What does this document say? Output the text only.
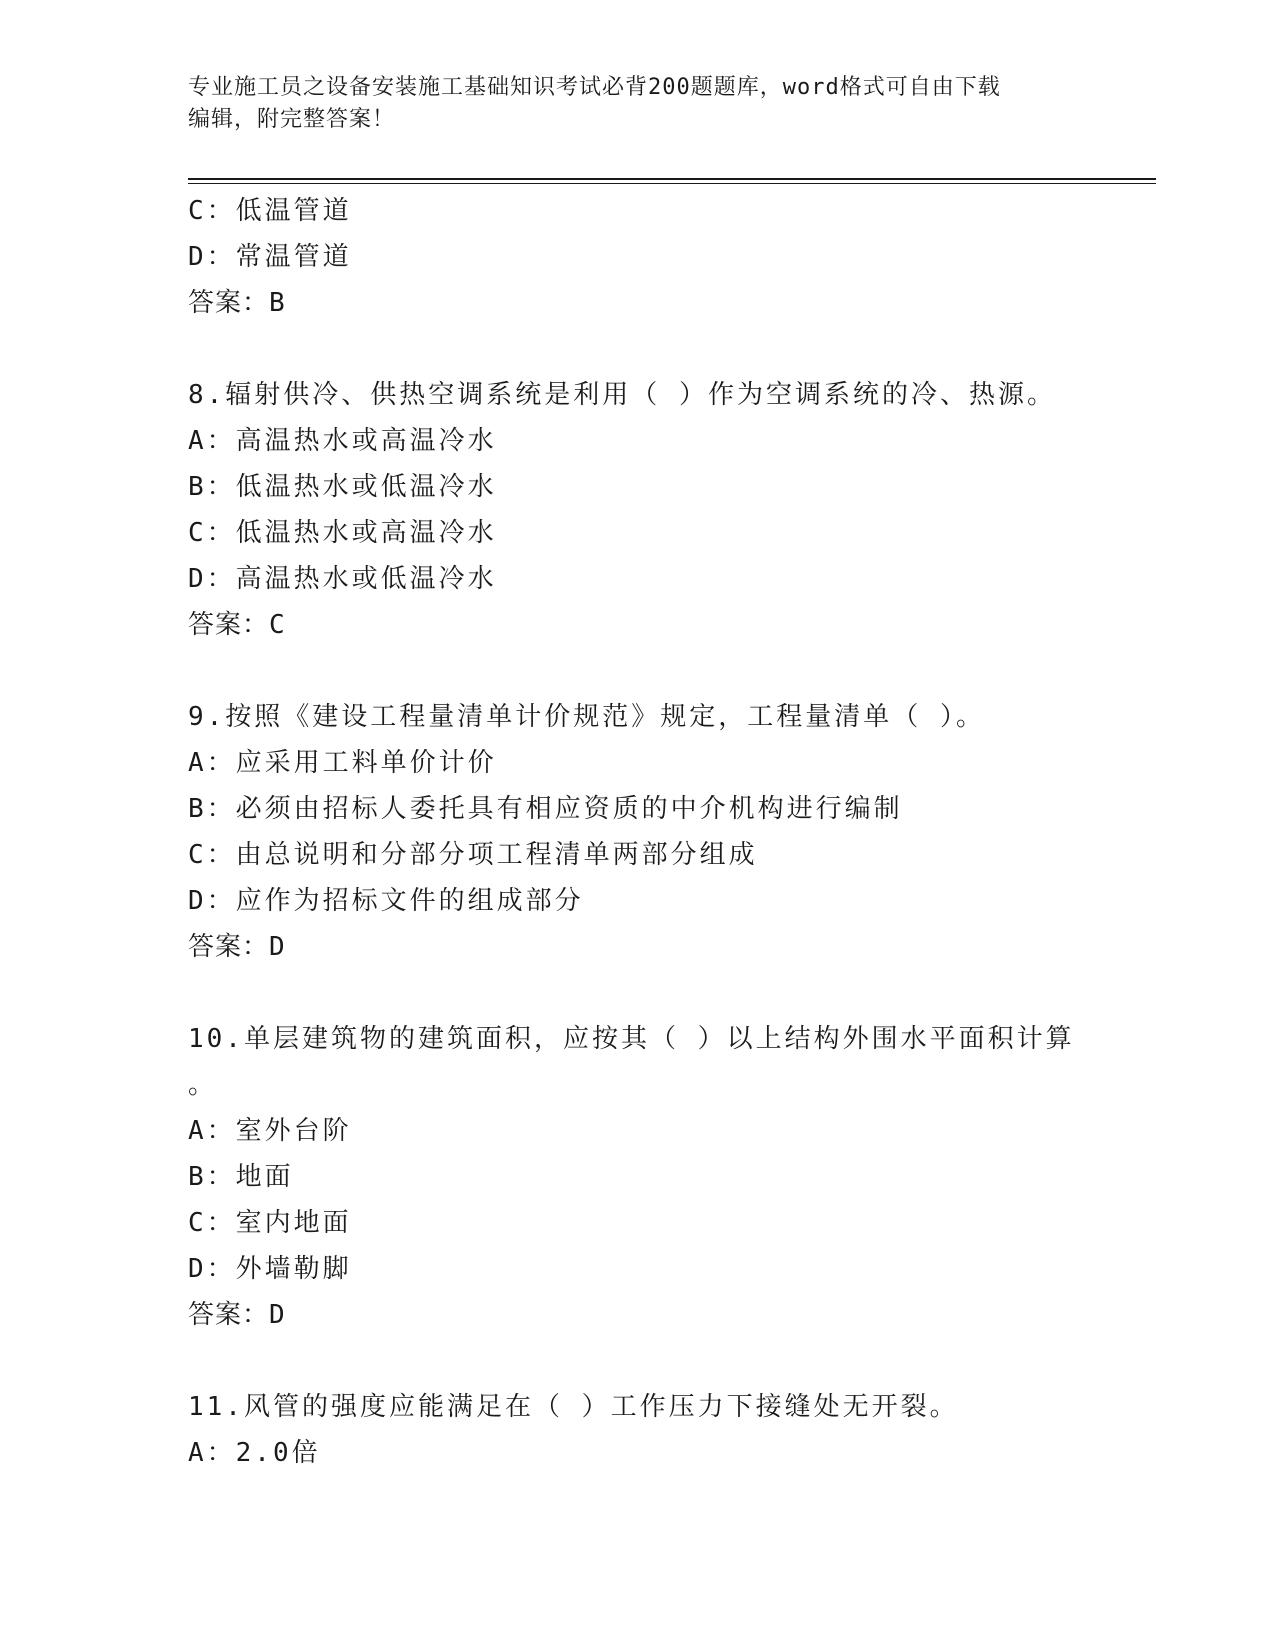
专业施工员之设备安装施工基础知识考试必背200题题库，word格式可自由下载
编辑，附完整答案！
C：低温管道
D：常温管道
答案：B
8.辐射供冷、供热空调系统是利用（ ）作为空调系统的冷、热源。
A：高温热水或高温冷水
B：低温热水或低温冷水
C：低温热水或高温冷水
D：高温热水或低温冷水
答案：C
9.按照《建设工程量清单计价规范》规定，工程量清单（ ）。
A：应采用工料单价计价
B：必须由招标人委托具有相应资质的中介机构进行编制
C：由总说明和分部分项工程清单两部分组成
D：应作为招标文件的组成部分
答案：D
10.单层建筑物的建筑面积，应按其（ ）以上结构外围水平面积计算
。
A：室外台阶
B：地面
C：室内地面
D：外墙勒脚
答案：D
11.风管的强度应能满足在（ ）工作压力下接缝处无开裂。
A：2.0倍
